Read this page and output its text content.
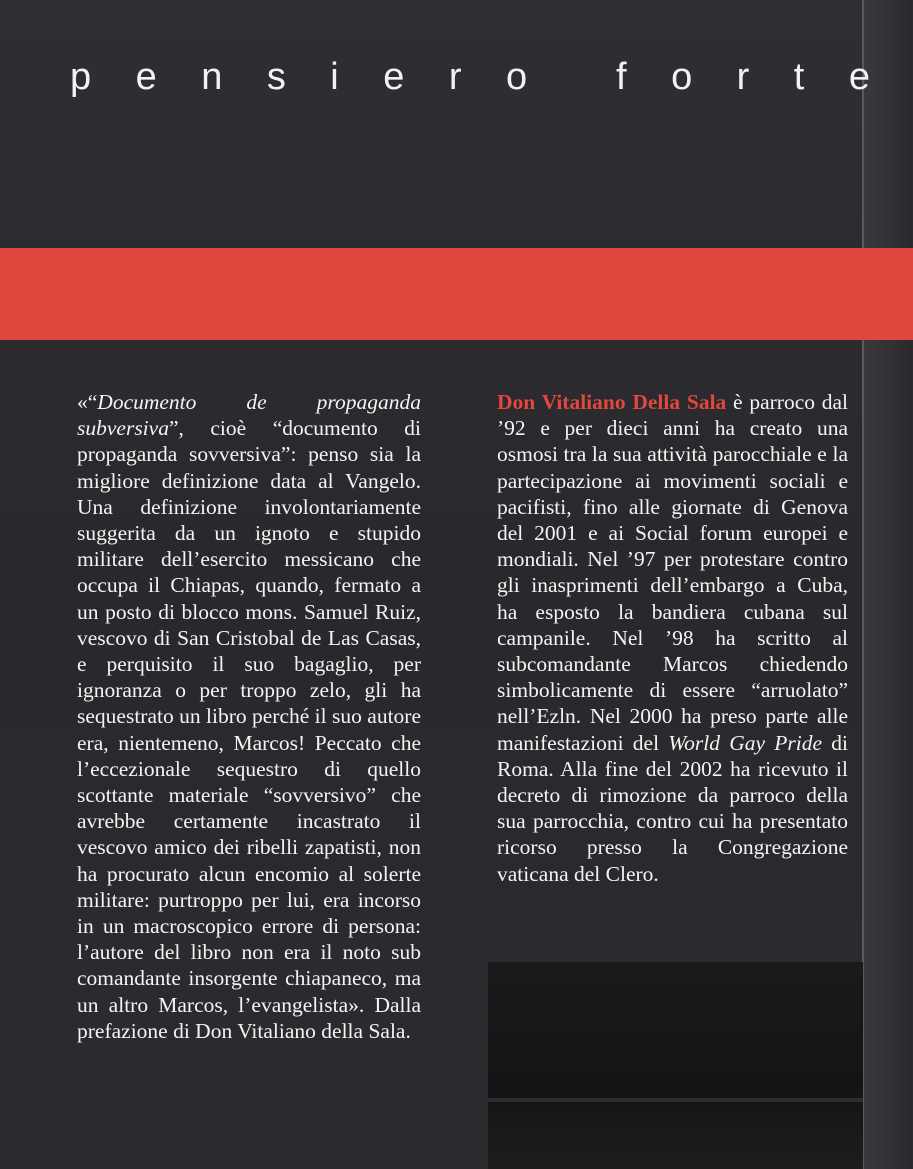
p e n s i e r o f o r t e

«“Documento de propaganda subversiva”, cioè “documento di propaganda sovversiva”: penso sia la migliore definizione data al Vangelo. Una definizione involontariamente suggerita da un ignoto e stupido militare dell’esercito messicano che occupa il Chiapas, quando, fermato a un posto di blocco mons. Samuel Ruiz, vescovo di San Cristobal de Las Casas, e perquisito il suo bagaglio, per ignoranza o per troppo zelo, gli ha sequestrato un libro perché il suo autore era, nientemeno, Marcos! Peccato che l’eccezionale sequestro di quello scottante materiale “sovversivo” che avrebbe certamente incastrato il vescovo amico dei ribelli zapatisti, non ha procurato alcun encomio al solerte militare: purtroppo per lui, era incorso in un macroscopico errore di persona: l’autore del libro non era il noto sub comandante insorgente chiapaneco, ma un altro Marcos, l’evangelista». Dalla prefazione di Don Vitaliano della Sala.

Don Vitaliano Della Sala è parroco dal ’92 e per dieci anni ha creato una osmosi tra la sua attività parocchiale e la partecipazione ai movimenti sociali e pacifisti, fino alle giornate di Genova del 2001 e ai Social forum europei e mondiali. Nel ’97 per protestare contro gli inasprimenti dell’embargo a Cuba, ha esposto la bandiera cubana sul campanile. Nel ’98 ha scritto al subcomandante Marcos chiedendo simbolicamente di essere “arruolato” nell’Ezln. Nel 2000 ha preso parte alle manifestazioni del World Gay Pride di Roma. Alla fine del 2002 ha ricevuto il decreto di rimozione da parroco della sua parrocchia, contro cui ha presentato ricorso presso la Congregazione vaticana del Clero.
